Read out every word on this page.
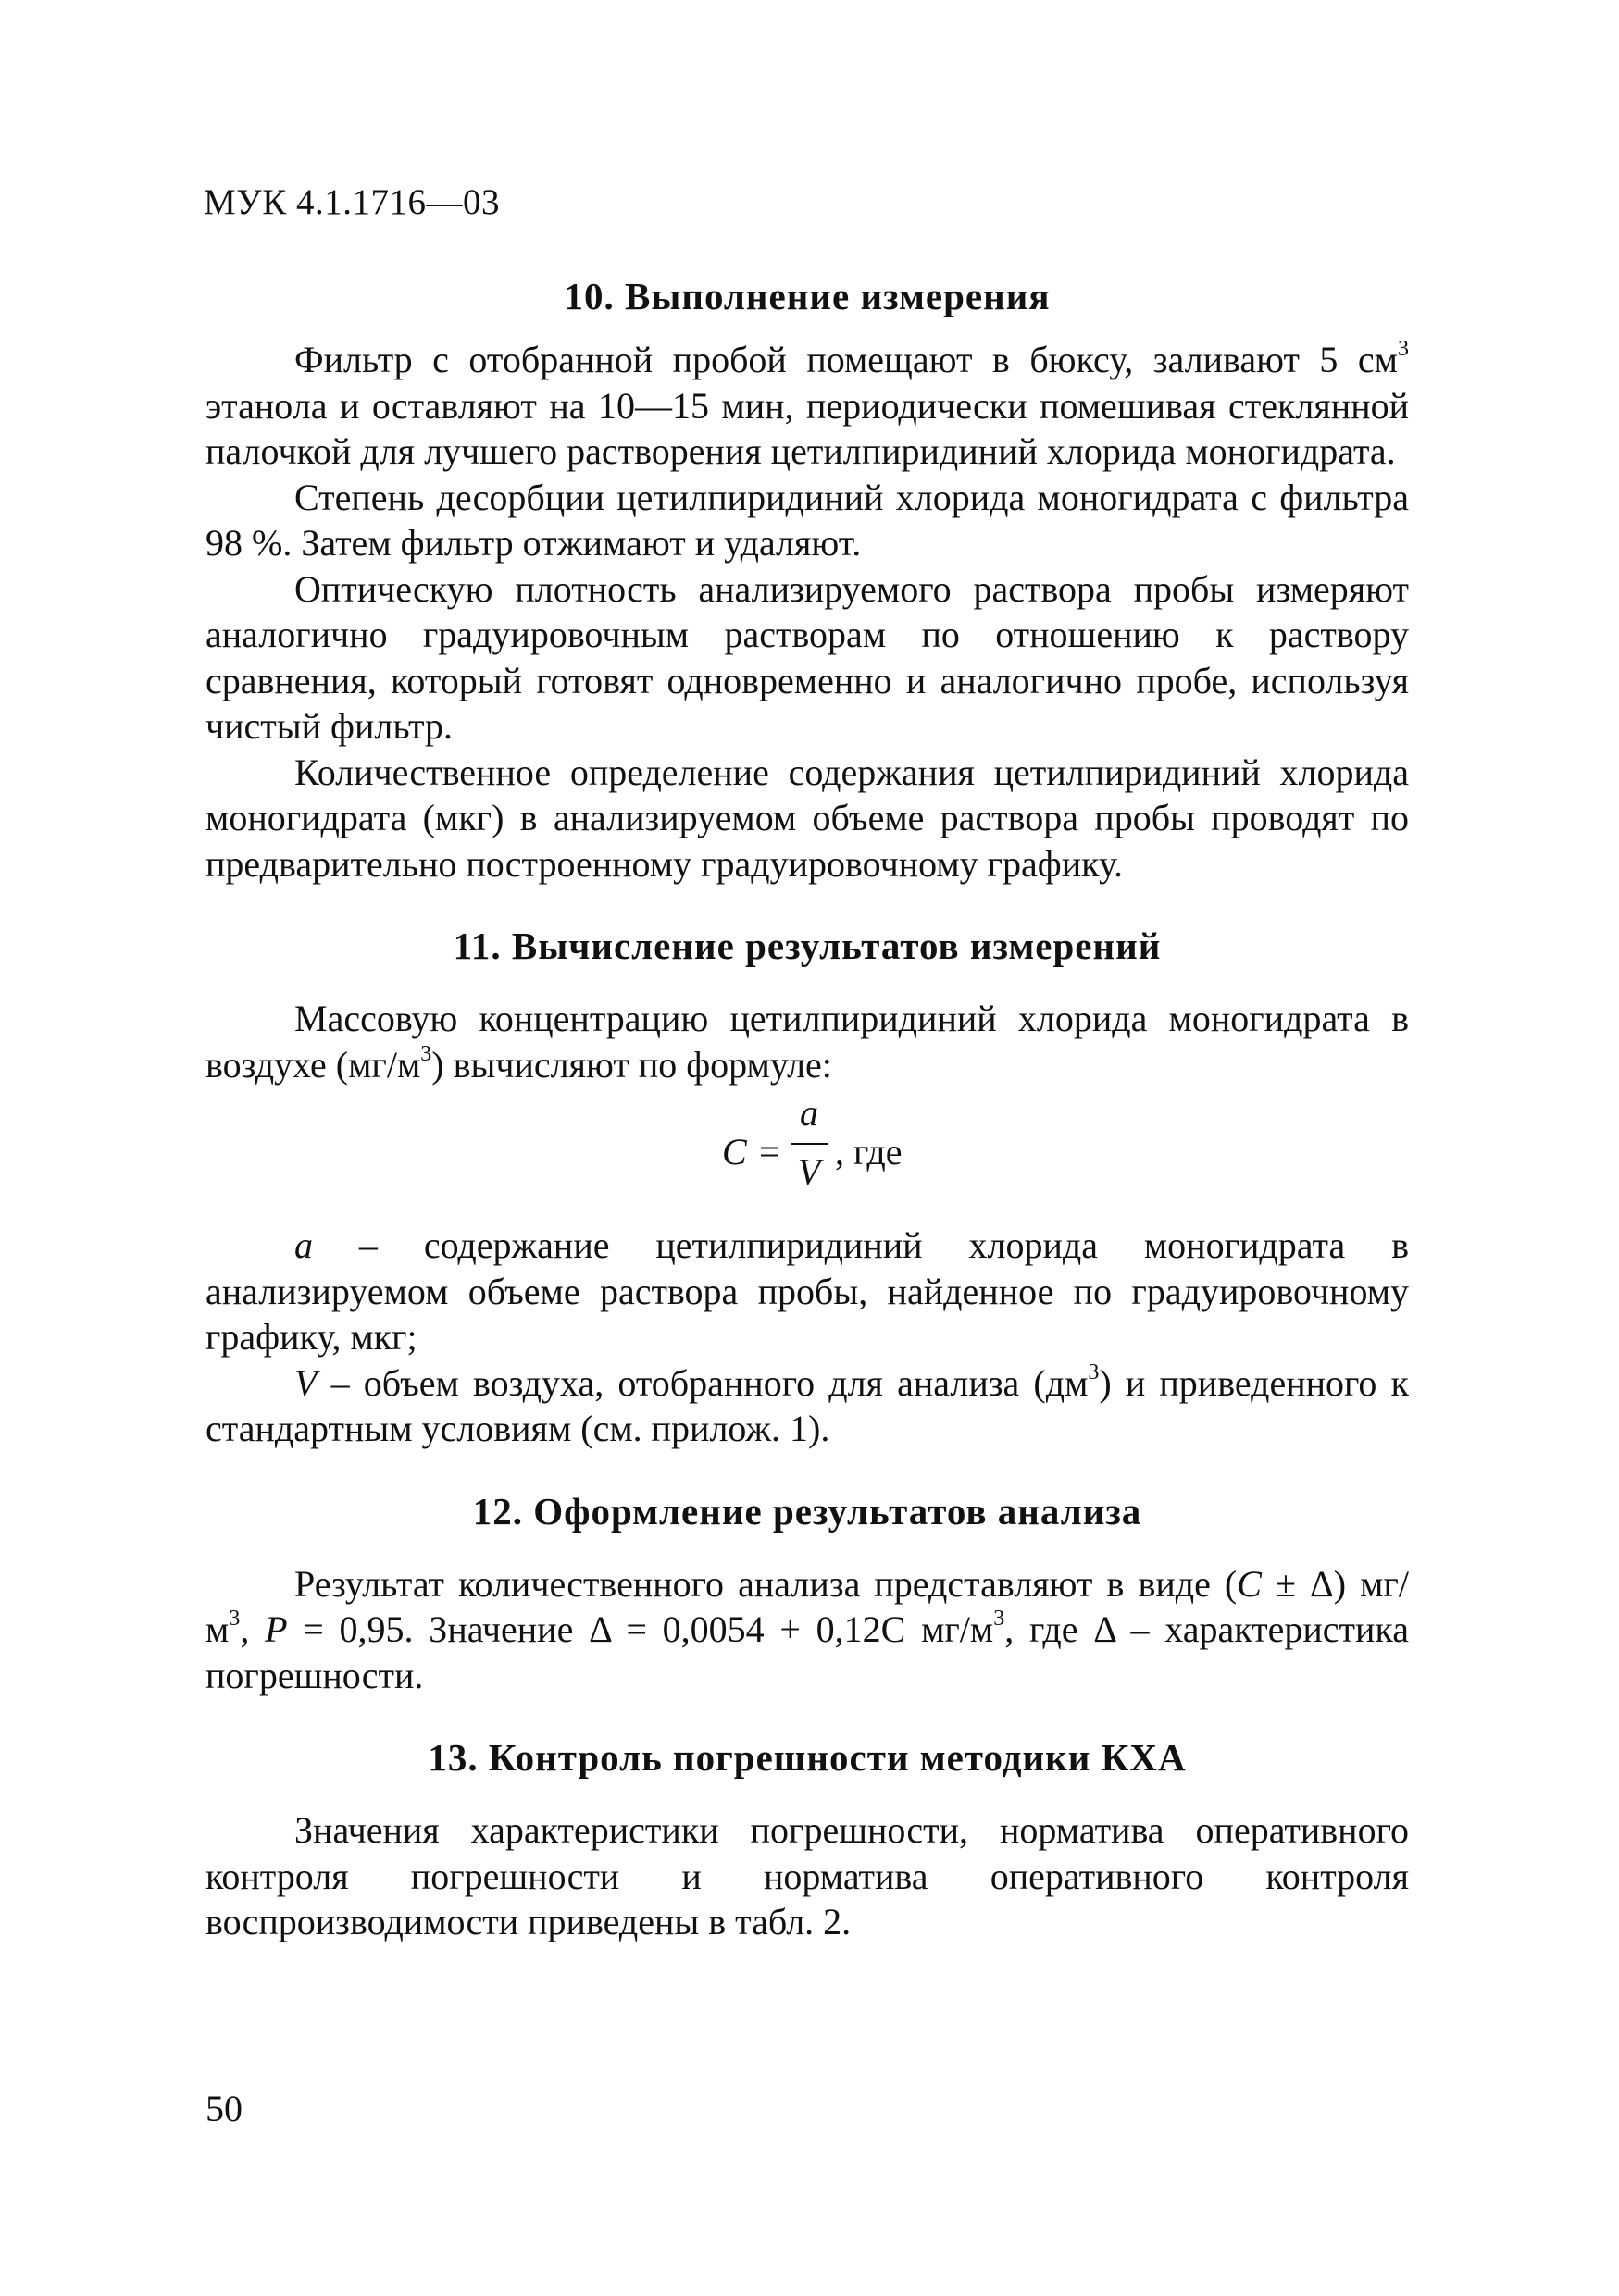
МУК 4.1.1716—03
10. Выполнение измерения

Фильтр с отобранной пробой помещают в бюксу, заливают 5 $см^3$ этанола и оставляют на 10—15 мин, периодически помешивая стеклянной палочкой для лучшего растворения цетилпиридиний хлорида моногидрата.

Степень десорбции цетилпиридиний хлорида моногидрата с фильтра 98 %. Затем фильтр отжимают и удаляют.

Оптическую плотность анализируемого раствора пробы измеряют аналогично градуировочным растворам по отношению к раствору сравнения, который готовят одновременно и аналогично пробе, используя чистый фильтр.

Количественное определение содержания цетилпиридиний хлорида моногидрата (мкг) в анализируемом объеме раствора пробы проводят по предварительно построенному градуировочному графику.

11. Вычисление результатов измерений

Массовую концентрацию цетилпиридиний хлорида моногидрата в воздухе $(мг/м^3)$ вычисляют по формуле:

C =
a
V , где

a – содержание цетилпиридиний хлорида моногидрата в анализируемом объеме раствора пробы, найденное по градуировочному графику, мкг;

V – объем воздуха, отобранного для анализа $(дм^3)$ и приведенного к стандартным условиям (см. прилож. 1).

12. Оформление результатов анализа

Результат количественного анализа представляют в виде (C ± Δ) $мг/м^3$, P = 0,95. Значение Δ = 0,0054 + 0,12С $мг/м^3$, где Δ – характеристика погрешности.

13. Контроль погрешности методики КХА

Значения характеристики погрешности, норматива оперативного контроля погрешности и норматива оперативного контроля воспроизводимости приведены в табл. 2.

50
